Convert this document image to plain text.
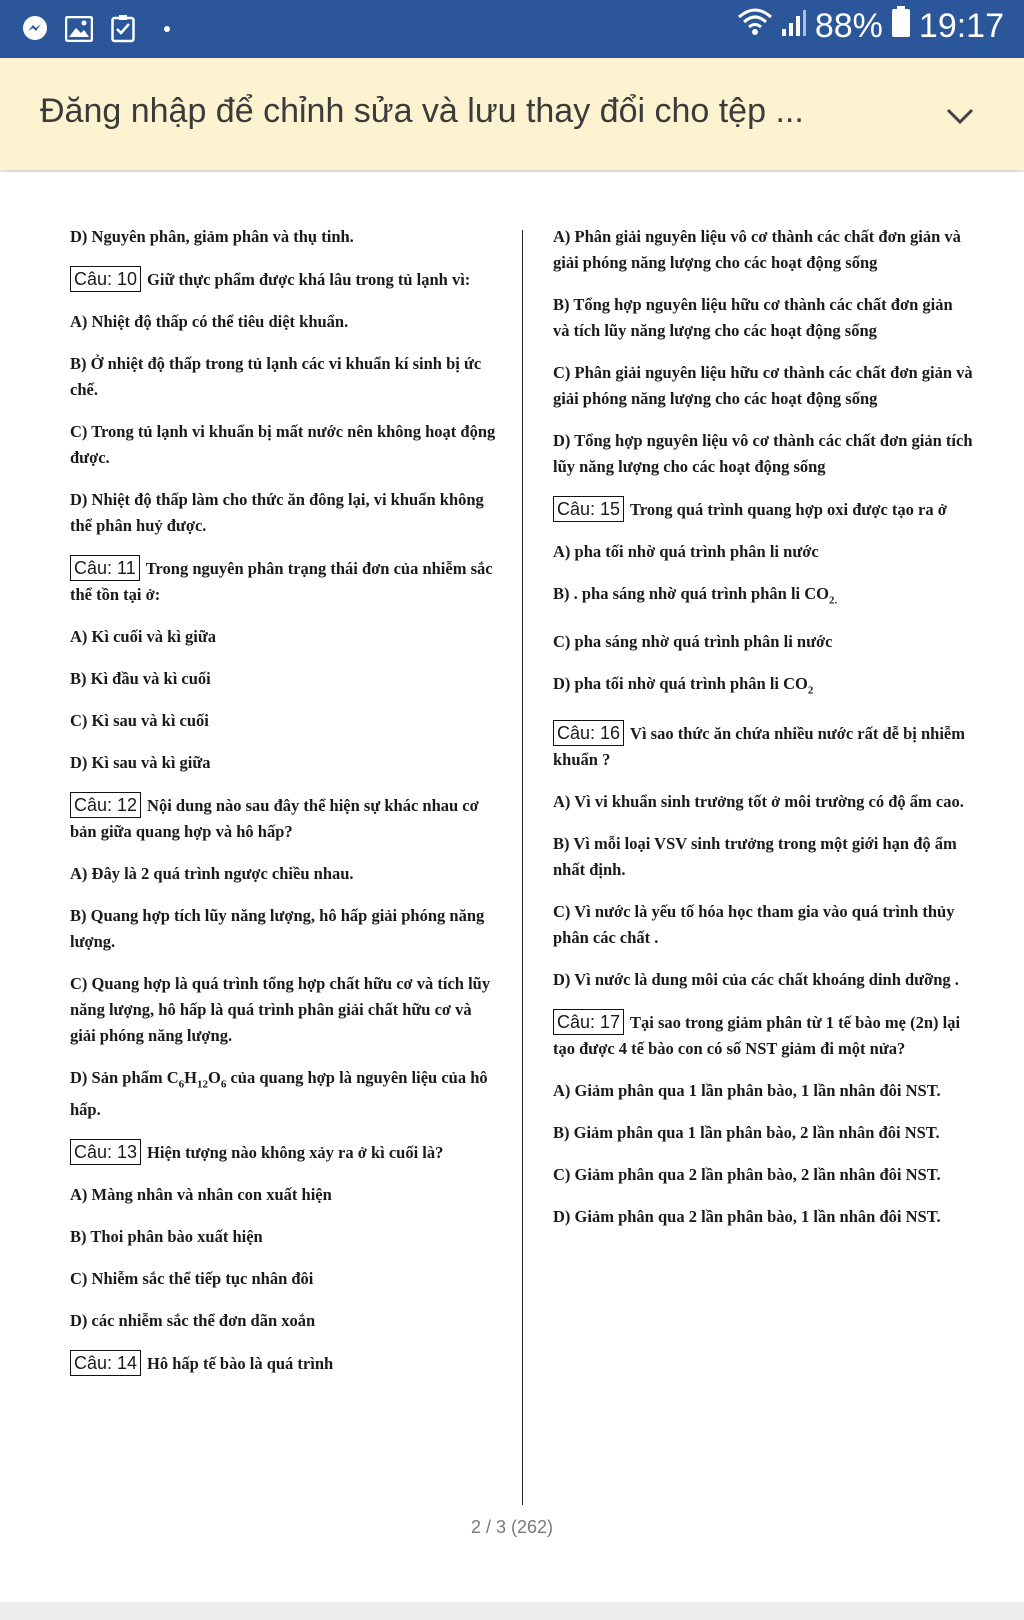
88% 19:17
Đăng nhập để chỉnh sửa và lưu thay đổi cho tệp ...

D) Nguyên phân, giảm phân và thụ tinh.

Câu: 10 Giữ thực phẩm được khá lâu trong tủ lạnh vì:

A) Nhiệt độ thấp có thể tiêu diệt khuẩn.

B) Ở nhiệt độ thấp trong tủ lạnh các vi khuẩn kí sinh bị ức chế.

C) Trong tủ lạnh vi khuẩn bị mất nước nên không hoạt động được.

D) Nhiệt độ thấp làm cho thức ăn đông lại, vi khuẩn không thể phân huỷ được.

Câu: 11 Trong nguyên phân trạng thái đơn của nhiễm sắc thể tồn tại ở:

A) Kì cuối và kì giữa

B) Kì đầu và kì cuối

C) Kì sau và kì cuối

D) Kì sau và kì giữa

Câu: 12 Nội dung nào sau đây thể hiện sự khác nhau cơ bản giữa quang hợp và hô hấp?

A) Đây là 2 quá trình ngược chiều nhau.

B) Quang hợp tích lũy năng lượng, hô hấp giải phóng năng lượng.

C) Quang hợp là quá trình tổng hợp chất hữu cơ và tích lũy năng lượng, hô hấp là quá trình phân giải chất hữu cơ và giải phóng năng lượng.

D) Sản phẩm $C_6H_{12}O_6$ của quang hợp là nguyên liệu của hô hấp.

Câu: 13 Hiện tượng nào không xảy ra ở kì cuối là?

A) Màng nhân và nhân con xuất hiện

B) Thoi phân bào xuất hiện

C) Nhiễm sắc thể tiếp tục nhân đôi

D) các nhiễm sắc thể đơn dãn xoắn

Câu: 14 Hô hấp tế bào là quá trình

A) Phân giải nguyên liệu vô cơ thành các chất đơn giản và giải phóng năng lượng cho các hoạt động sống

B) Tổng hợp nguyên liệu hữu cơ thành các chất đơn giản và tích lũy năng lượng cho các hoạt động sống

C) Phân giải nguyên liệu hữu cơ thành các chất đơn giản và giải phóng năng lượng cho các hoạt động sống

D) Tổng hợp nguyên liệu vô cơ thành các chất đơn giản tích lũy năng lượng cho các hoạt động sống

Câu: 15 Trong quá trình quang hợp oxi được tạo ra ở

A) pha tối nhờ quá trình phân li nước

B) . pha sáng nhờ quá trình phân li $CO_{2.}$

C) pha sáng nhờ quá trình phân li nước

D) pha tối nhờ quá trình phân li $CO_2$

Câu: 16 Vì sao thức ăn chứa nhiều nước rất dễ bị nhiễm khuẩn ?

A) Vì vi khuẩn sinh trưởng tốt ở môi trường có độ ẩm cao.

B) Vì mỗi loại VSV sinh trưởng trong một giới hạn độ ẩm nhất định.

C) Vì nước là yếu tố hóa học tham gia vào quá trình thủy phân các chất .

D) Vì nước là dung môi của các chất khoáng dinh dưỡng .

Câu: 17 Tại sao trong giảm phân từ 1 tế bào mẹ (2n) lại tạo được 4 tế bào con có số NST giảm đi một nửa?

A) Giảm phân qua 1 lần phân bào, 1 lần nhân đôi NST.

B) Giảm phân qua 1 lần phân bào, 2 lần nhân đôi NST.

C) Giảm phân qua 2 lần phân bào, 2 lần nhân đôi NST.

D) Giảm phân qua 2 lần phân bào, 1 lần nhân đôi NST.

2 / 3 (262)
